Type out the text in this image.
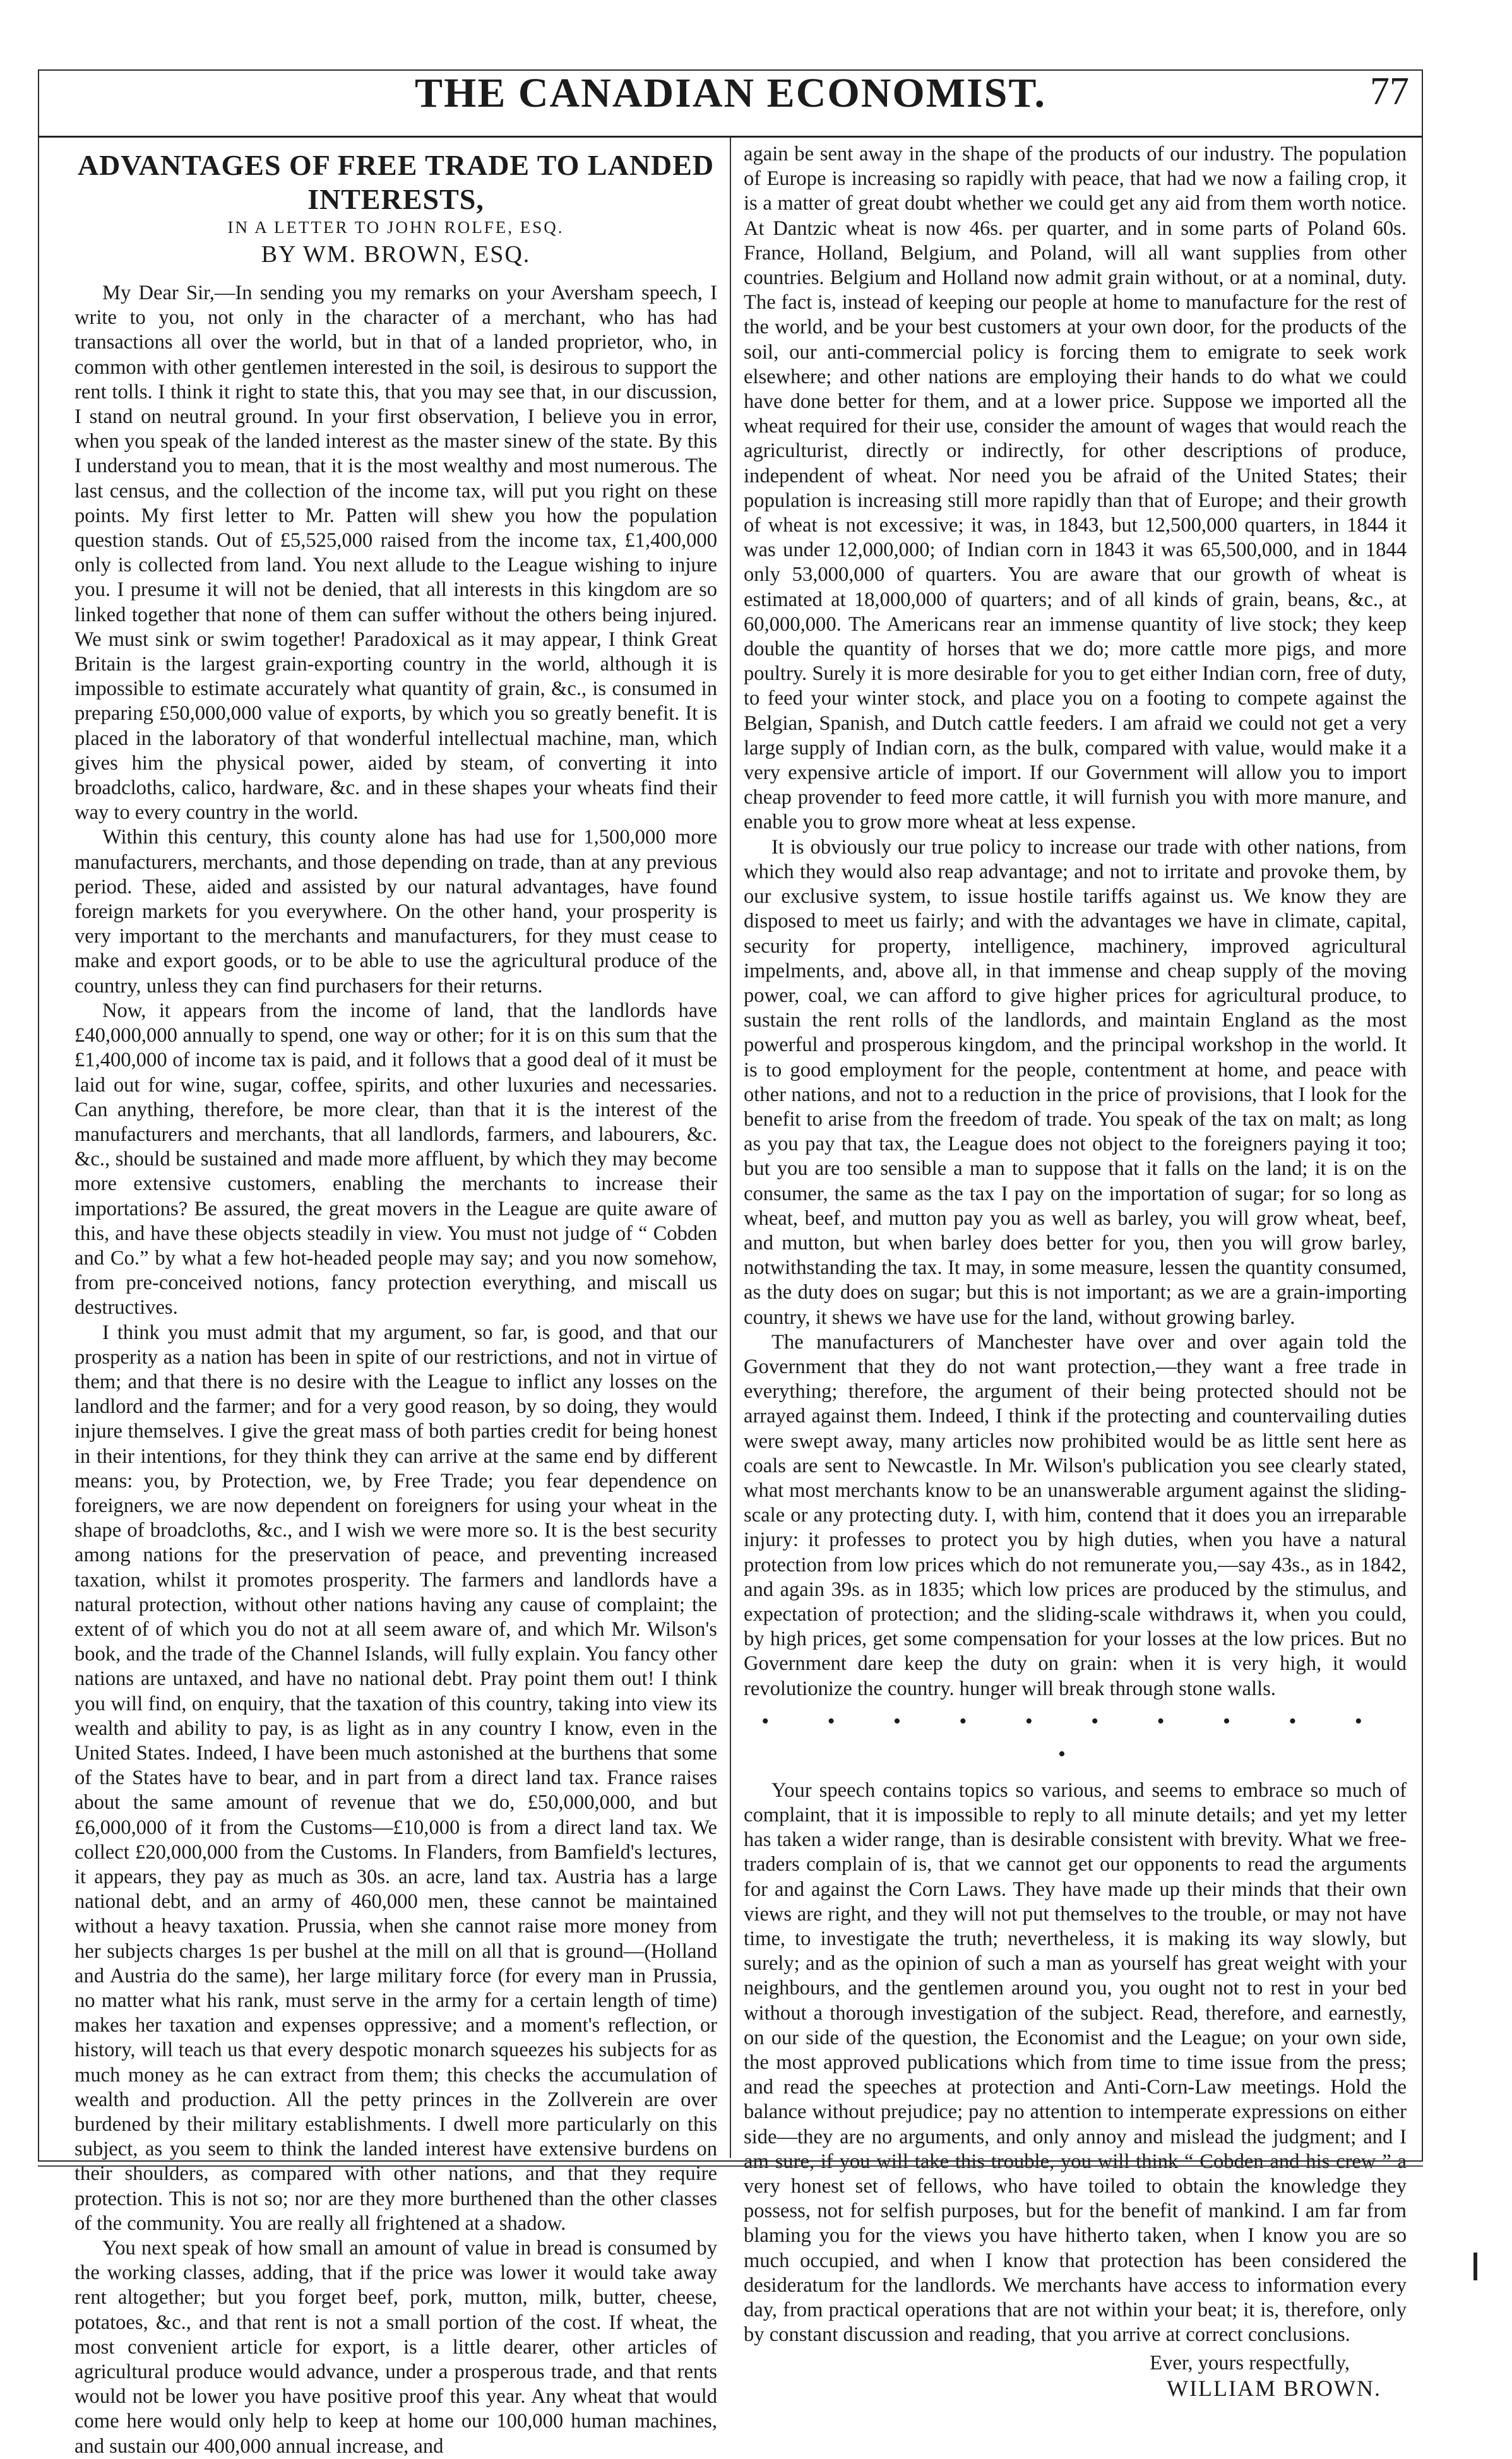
THE CANADIAN ECONOMIST.	77
ADVANTAGES OF FREE TRADE TO LANDED INTERESTS,
IN A LETTER TO JOHN ROLFE, ESQ.
BY WM. BROWN, ESQ.

My Dear Sir,—In sending you my remarks on your Aversham speech, I write to you, not only in the character of a merchant, who has had transactions all over the world, but in that of a landed proprietor, who, in common with other gentlemen interested in the soil, is desirous to support the rent tolls. I think it right to state this, that you may see that, in our discussion, I stand on neutral ground. In your first observation, I believe you in error, when you speak of the landed interest as the master sinew of the state. By this I understand you to mean, that it is the most wealthy and most numerous. The last census, and the collection of the income tax, will put you right on these points. My first letter to Mr. Patten will shew you how the population question stands. Out of £5,525,000 raised from the income tax, £1,400,000 only is collected from land. You next allude to the League wishing to injure you. I presume it will not be denied, that all interests in this kingdom are so linked together that none of them can suffer without the others being injured. We must sink or swim together! Paradoxical as it may appear, I think Great Britain is the largest grain-exporting country in the world, although it is impossible to estimate accurately what quantity of grain, &c., is consumed in preparing £50,000,000 value of exports, by which you so greatly benefit. It is placed in the laboratory of that wonderful intellectual machine, man, which gives him the physical power, aided by steam, of converting it into broadcloths, calico, hardware, &c. and in these shapes your wheats find their way to every country in the world.

Within this century, this county alone has had use for 1,500,000 more manufacturers, merchants, and those depending on trade, than at any previous period. These, aided and assisted by our natural advantages, have found foreign markets for you everywhere. On the other hand, your prosperity is very important to the merchants and manufacturers, for they must cease to make and export goods, or to be able to use the agricultural produce of the country, unless they can find purchasers for their returns.

Now, it appears from the income of land, that the landlords have £40,000,000 annually to spend, one way or other; for it is on this sum that the £1,400,000 of income tax is paid, and it follows that a good deal of it must be laid out for wine, sugar, coffee, spirits, and other luxuries and necessaries. Can anything, therefore, be more clear, than that it is the interest of the manufacturers and merchants, that all landlords, farmers, and labourers, &c. &c., should be sustained and made more affluent, by which they may become more extensive customers, enabling the merchants to increase their importations? Be assured, the great movers in the League are quite aware of this, and have these objects steadily in view. You must not judge of “ Cobden and Co.” by what a few hot-headed people may say; and you now somehow, from pre-conceived notions, fancy protection everything, and miscall us destructives.

I think you must admit that my argument, so far, is good, and that our prosperity as a nation has been in spite of our restrictions, and not in virtue of them; and that there is no desire with the League to inflict any losses on the landlord and the farmer; and for a very good reason, by so doing, they would injure themselves. I give the great mass of both parties credit for being honest in their intentions, for they think they can arrive at the same end by different means: you, by Protection, we, by Free Trade; you fear dependence on foreigners, we are now dependent on foreigners for using your wheat in the shape of broadcloths, &c., and I wish we were more so. It is the best security among nations for the preservation of peace, and preventing increased taxation, whilst it promotes prosperity. The farmers and landlords have a natural protection, without other nations having any cause of complaint; the extent of of which you do not at all seem aware of, and which Mr. Wilson's book, and the trade of the Channel Islands, will fully explain. You fancy other nations are untaxed, and have no national debt. Pray point them out! I think you will find, on enquiry, that the taxation of this country, taking into view its wealth and ability to pay, is as light as in any country I know, even in the United States. Indeed, I have been much astonished at the burthens that some of the States have to bear, and in part from a direct land tax. France raises about the same amount of revenue that we do, £50,000,000, and but £6,000,000 of it from the Customs—£10,000 is from a direct land tax. We collect £20,000,000 from the Customs. In Flanders, from Bamfield's lectures, it appears, they pay as much as 30s. an acre, land tax. Austria has a large national debt, and an army of 460,000 men, these cannot be maintained without a heavy taxation. Prussia, when she cannot raise more money from her subjects charges 1s per bushel at the mill on all that is ground—(Holland and Austria do the same), her large military force (for every man in Prussia, no matter what his rank, must serve in the army for a certain length of time) makes her taxation and expenses oppressive; and a moment's reflection, or history, will teach us that every despotic monarch squeezes his subjects for as much money as he can extract from them; this checks the accumulation of wealth and production. All the petty princes in the Zollverein are over burdened by their military establishments. I dwell more particularly on this subject, as you seem to think the landed interest have extensive burdens on their shoulders, as compared with other nations, and that they require protection. This is not so; nor are they more burthened than the other classes of the community. You are really all frightened at a shadow.

You next speak of how small an amount of value in bread is consumed by the working classes, adding, that if the price was lower it would take away rent altogether; but you forget beef, pork, mutton, milk, butter, cheese, potatoes, &c., and that rent is not a small portion of the cost. If wheat, the most convenient article for export, is a little dearer, other articles of agricultural produce would advance, under a prosperous trade, and that rents would not be lower you have positive proof this year. Any wheat that would come here would only help to keep at home our 100,000 human machines, and sustain our 400,000 annual increase, and

again be sent away in the shape of the products of our industry. The population of Europe is increasing so rapidly with peace, that had we now a failing crop, it is a matter of great doubt whether we could get any aid from them worth notice. At Dantzic wheat is now 46s. per quarter, and in some parts of Poland 60s. France, Holland, Belgium, and Poland, will all want supplies from other countries. Belgium and Holland now admit grain without, or at a nominal, duty. The fact is, instead of keeping our people at home to manufacture for the rest of the world, and be your best customers at your own door, for the products of the soil, our anti-commercial policy is forcing them to emigrate to seek work elsewhere; and other nations are employing their hands to do what we could have done better for them, and at a lower price. Suppose we imported all the wheat required for their use, consider the amount of wages that would reach the agriculturist, directly or indirectly, for other descriptions of produce, independent of wheat. Nor need you be afraid of the United States; their population is increasing still more rapidly than that of Europe; and their growth of wheat is not excessive; it was, in 1843, but 12,500,000 quarters, in 1844 it was under 12,000,000; of Indian corn in 1843 it was 65,500,000, and in 1844 only 53,000,000 of quarters. You are aware that our growth of wheat is estimated at 18,000,000 of quarters; and of all kinds of grain, beans, &c., at 60,000,000. The Americans rear an immense quantity of live stock; they keep double the quantity of horses that we do; more cattle more pigs, and more poultry. Surely it is more desirable for you to get either Indian corn, free of duty, to feed your winter stock, and place you on a footing to compete against the Belgian, Spanish, and Dutch cattle feeders. I am afraid we could not get a very large supply of Indian corn, as the bulk, compared with value, would make it a very expensive article of import. If our Government will allow you to import cheap provender to feed more cattle, it will furnish you with more manure, and enable you to grow more wheat at less expense.

It is obviously our true policy to increase our trade with other nations, from which they would also reap advantage; and not to irritate and provoke them, by our exclusive system, to issue hostile tariffs against us. We know they are disposed to meet us fairly; and with the advantages we have in climate, capital, security for property, intelligence, machinery, improved agricultural impelments, and, above all, in that immense and cheap supply of the moving power, coal, we can afford to give higher prices for agricultural produce, to sustain the rent rolls of the landlords, and maintain England as the most powerful and prosperous kingdom, and the principal workshop in the world. It is to good employment for the people, contentment at home, and peace with other nations, and not to a reduction in the price of provisions, that I look for the benefit to arise from the freedom of trade. You speak of the tax on malt; as long as you pay that tax, the League does not object to the foreigners paying it too; but you are too sensible a man to suppose that it falls on the land; it is on the consumer, the same as the tax I pay on the importation of sugar; for so long as wheat, beef, and mutton pay you as well as barley, you will grow wheat, beef, and mutton, but when barley does better for you, then you will grow barley, notwithstanding the tax. It may, in some measure, lessen the quantity consumed, as the duty does on sugar; but this is not important; as we are a grain-importing country, it shews we have use for the land, without growing barley.

The manufacturers of Manchester have over and over again told the Government that they do not want protection,—they want a free trade in everything; therefore, the argument of their being protected should not be arrayed against them. Indeed, I think if the protecting and countervailing duties were swept away, many articles now prohibited would be as little sent here as coals are sent to Newcastle. In Mr. Wilson's publication you see clearly stated, what most merchants know to be an unanswerable argument against the sliding-scale or any protecting duty. I, with him, contend that it does you an irreparable injury: it professes to protect you by high duties, when you have a natural protection from low prices which do not remunerate you,—say 43s., as in 1842, and again 39s. as in 1835; which low prices are produced by the stimulus, and expectation of protection; and the sliding-scale withdraws it, when you could, by high prices, get some compensation for your losses at the low prices. But no Government dare keep the duty on grain: when it is very high, it would revolutionize the country. hunger will break through stone walls.

• • • • • • • • • • •

Your speech contains topics so various, and seems to embrace so much of complaint, that it is impossible to reply to all minute details; and yet my letter has taken a wider range, than is desirable consistent with brevity. What we free-traders complain of is, that we cannot get our opponents to read the arguments for and against the Corn Laws. They have made up their minds that their own views are right, and they will not put themselves to the trouble, or may not have time, to investigate the truth; nevertheless, it is making its way slowly, but surely; and as the opinion of such a man as yourself has great weight with your neighbours, and the gentlemen around you, you ought not to rest in your bed without a thorough investigation of the subject. Read, therefore, and earnestly, on our side of the question, the Economist and the League; on your own side, the most approved publications which from time to time issue from the press; and read the speeches at protection and Anti-Corn-Law meetings. Hold the balance without prejudice; pay no attention to intemperate expressions on either side—they are no arguments, and only annoy and mislead the judgment; and I am sure, if you will take this trouble, you will think “ Cobden and his crew ” a very honest set of fellows, who have toiled to obtain the knowledge they possess, not for selfish purposes, but for the benefit of mankind. I am far from blaming you for the views you have hitherto taken, when I know you are so much occupied, and when I know that protection has been considered the desideratum for the landlords. We merchants have access to information every day, from practical operations that are not within your beat; it is, therefore, only by constant discussion and reading, that you arrive at correct conclusions.

Ever, yours respectfully,
WILLIAM BROWN.
